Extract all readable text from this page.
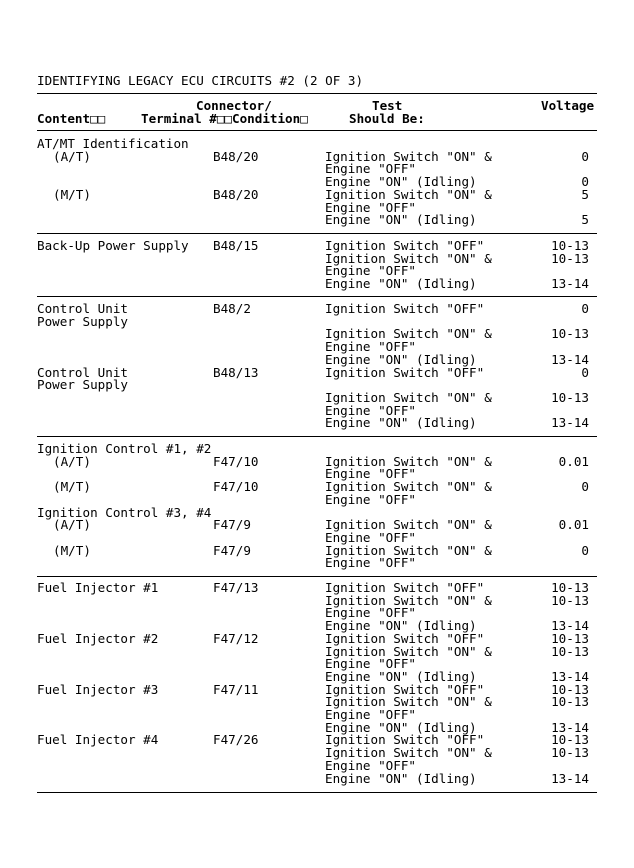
IDENTIFYING LEGACY ECU CIRCUITS #2 (2 OF 3)
Connector/	Test	Voltage
Content□□	Terminal #□□Condition□	Should Be:
AT/MT Identification
(A/T)	B48/20	Ignition Switch "ON" &	0
Engine "OFF"
Engine "ON" (Idling)	0
(M/T)	B48/20	Ignition Switch "ON" &	5
Engine "OFF"
Engine "ON" (Idling)	5
Back-Up Power Supply B48/15	Ignition Switch "OFF"	10-13
Ignition Switch "ON" &	10-13
Engine "OFF"
Engine "ON" (Idling)	13-14
Control Unit	B48/2	Ignition Switch "OFF"	0
Power Supply
Ignition Switch "ON" &	10-13
Engine "OFF"
Engine "ON" (Idling)	13-14
Control Unit	B48/13	Ignition Switch "OFF"	0
Power Supply
Ignition Switch "ON" &	10-13
Engine "OFF"
Engine "ON" (Idling)	13-14
Ignition Control #1, #2
(A/T)	F47/10	Ignition Switch "ON" &	0.01
Engine "OFF"
(M/T)	F47/10	Ignition Switch "ON" &	0
Engine "OFF"
Ignition Control #3, #4
(A/T)	F47/9	Ignition Switch "ON" &	0.01
Engine "OFF"
(M/T)	F47/9	Ignition Switch "ON" &	0
Engine "OFF"
Fuel Injector #1	F47/13	Ignition Switch "OFF"	10-13
Ignition Switch "ON" &	10-13
Engine "OFF"
Engine "ON" (Idling)	13-14
Fuel Injector #2	F47/12	Ignition Switch "OFF"	10-13
Ignition Switch "ON" &	10-13
Engine "OFF"
Engine "ON" (Idling)	13-14
Fuel Injector #3	F47/11	Ignition Switch "OFF"	10-13
Ignition Switch "ON" &	10-13
Engine "OFF"
Engine "ON" (Idling)	13-14
Fuel Injector #4	F47/26	Ignition Switch "OFF"	10-13
Ignition Switch "ON" &	10-13
Engine "OFF"
Engine "ON" (Idling)	13-14
